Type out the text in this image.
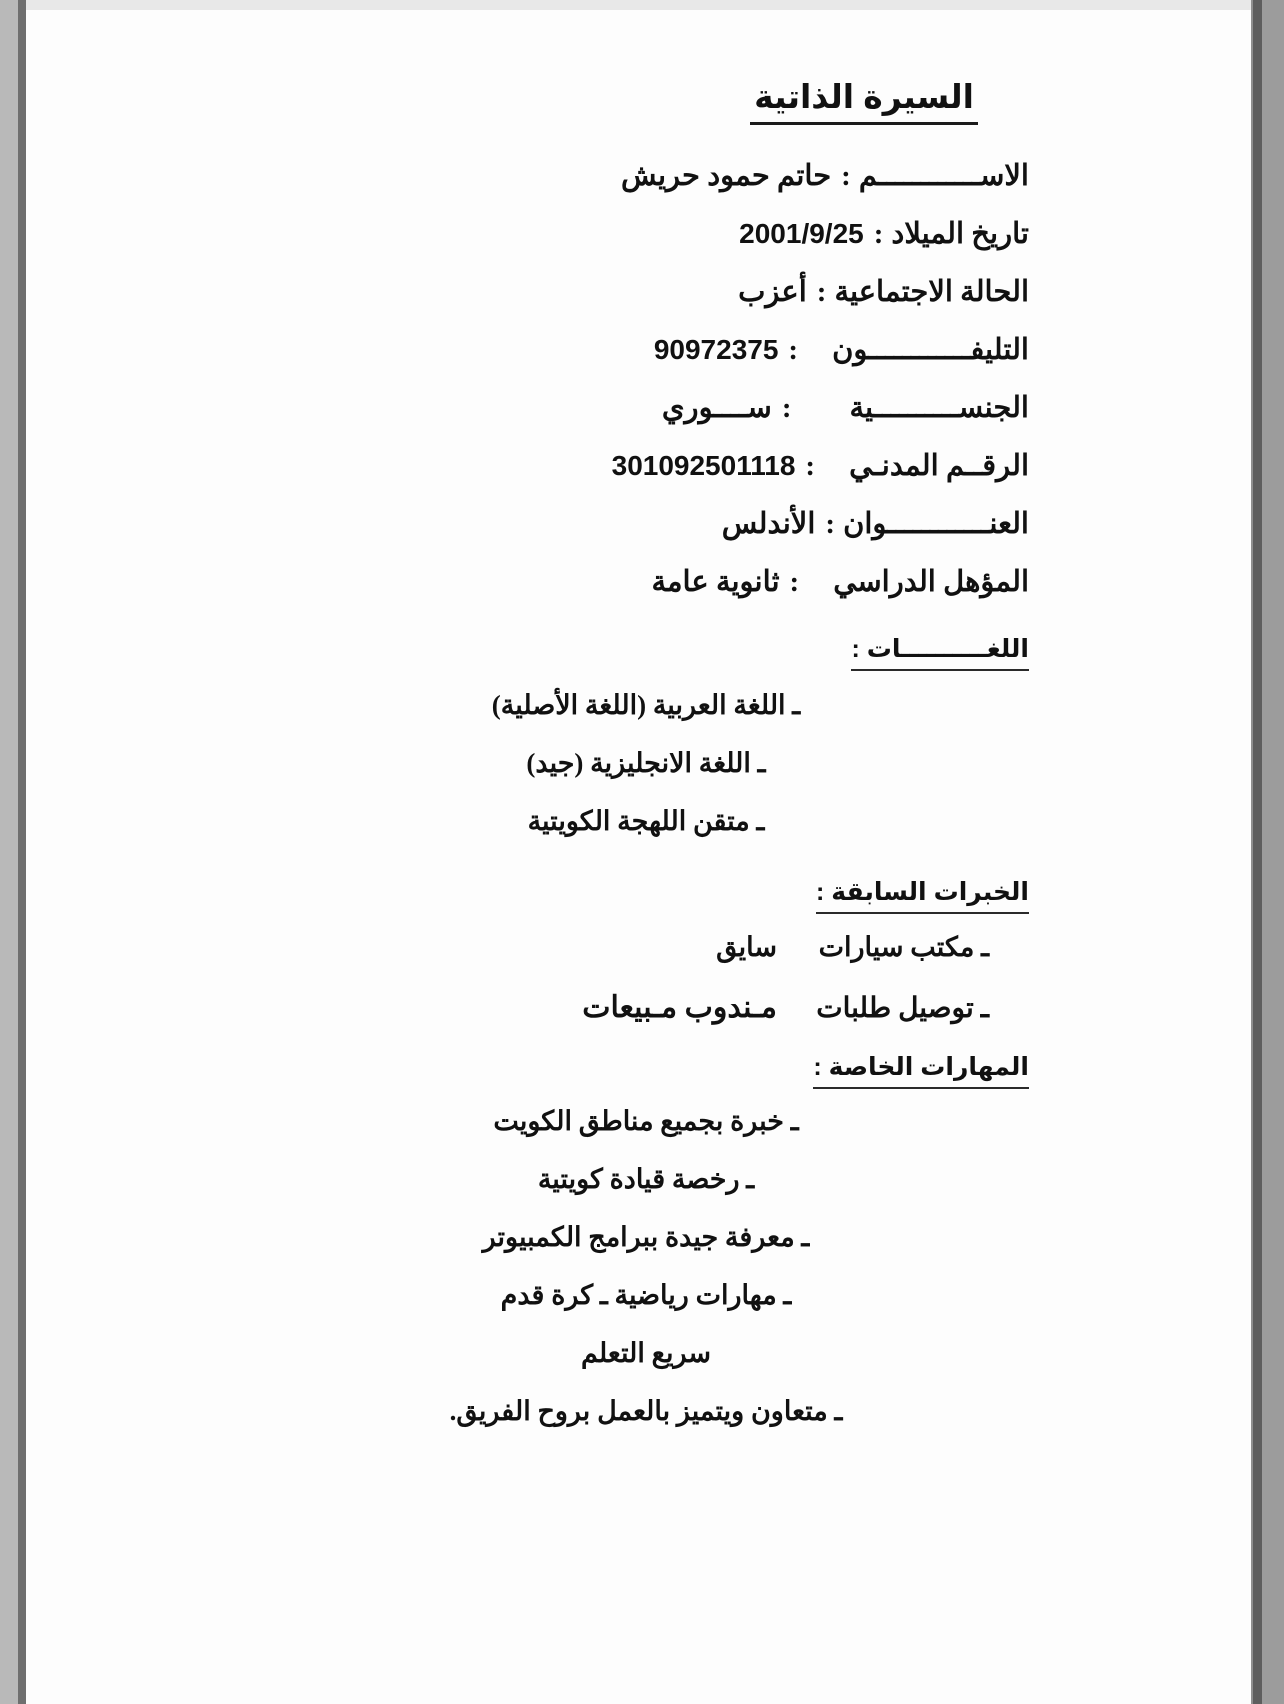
السيرة الذاتية
الاســــــــــــم
:
حاتم حمود حريش
تاريخ الميلاد
:
2001/9/25
الحالة الاجتماعية
:
أعزب
التليفــــــــــــون
:
90972375
الجنســــــــــية
:
ســــوري
الرقــم المدنـي
:
301092501118
العنــــــــــــوان
:
الأندلس
المؤهل الدراسي
:
ثانوية عامة
اللغــــــــــات :
ـ اللغة العربية (اللغة الأصلية)
ـ اللغة الانجليزية (جيد)
ـ متقن اللهجة الكويتية
الخبرات السابقة :
ـ مكتب سيارات
سايق
ـ توصيل طلبات
مـندوب مـبيعات
المهارات الخاصة :
ـ خبرة بجميع مناطق الكويت
ـ رخصة قيادة كويتية
ـ معرفة جيدة ببرامج الكمبيوتر
ـ مهارات رياضية ـ كرة قدم
سريع التعلم
ـ متعاون ويتميز بالعمل بروح الفريق.
